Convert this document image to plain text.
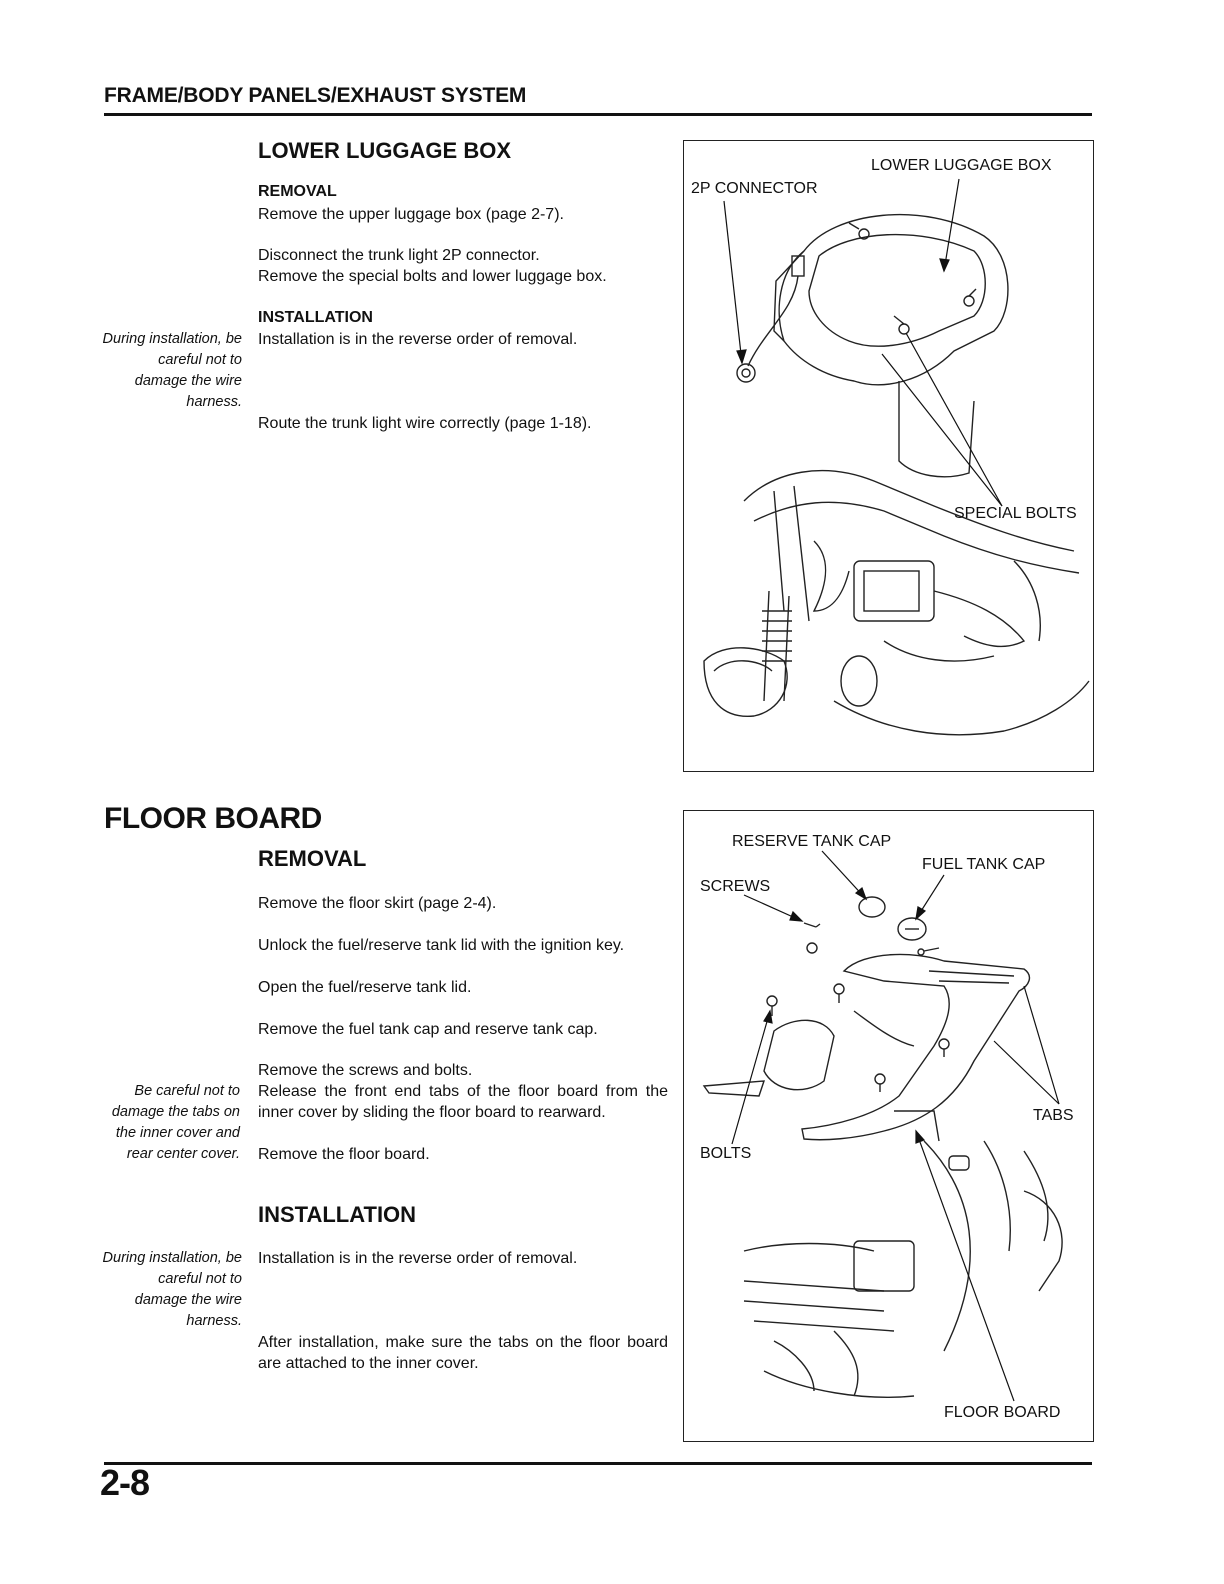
FRAME/BODY PANELS/EXHAUST SYSTEM
LOWER LUGGAGE BOX
REMOVAL
Remove the upper luggage box (page 2-7).
Disconnect the trunk light 2P connector.
Remove the special bolts and lower luggage box.
INSTALLATION
Installation is in the reverse order of removal.
During installation, be careful not to damage the wire harness.
Route the trunk light wire correctly (page 1-18).
LOWER LUGGAGE BOX
2P CONNECTOR
SPECIAL BOLTS
FLOOR BOARD
REMOVAL
Remove the floor skirt (page 2-4).
Unlock the fuel/reserve tank lid with the ignition key.
Open the fuel/reserve tank lid.
Remove the fuel tank cap and reserve tank cap.
Remove the screws and bolts.
Release the front end tabs of the floor board from the inner cover by sliding the floor board to rearward.
Remove the floor board.
Be careful not to damage the tabs on the inner cover and rear center cover.
INSTALLATION
Installation is in the reverse order of removal.
During installation, be careful not to damage the wire harness.
After installation, make sure the tabs on the floor board are attached to the inner cover.
RESERVE TANK CAP
FUEL TANK CAP
SCREWS
TABS
BOLTS
FLOOR BOARD
2-8
